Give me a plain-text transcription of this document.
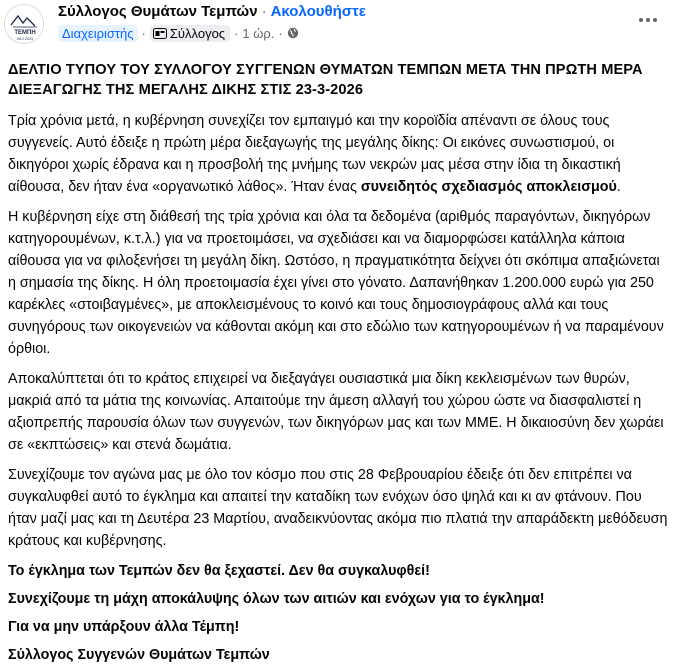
ΤΕΜΠΗ
28.2.2023
Σύλλογος Θυμάτων Τεμπών · Ακολουθήστε
Διαχειριστής · Σύλλογος · 1 ώρ. ·

ΔΕΛΤΙΟ ΤΥΠΟΥ ΤΟΥ ΣΥΛΛΟΓΟΥ ΣΥΓΓΕΝΩΝ ΘΥΜΑΤΩΝ ΤΕΜΠΩΝ ΜΕΤΑ ΤΗΝ ΠΡΩΤΗ ΜΕΡΑ ΔΙΕΞΑΓΩΓΗΣ ΤΗΣ ΜΕΓΑΛΗΣ ΔΙΚΗΣ ΣΤΙΣ 23-3-2026

Τρία χρόνια μετά, η κυβέρνηση συνεχίζει τον εμπαιγμό και την κοροϊδία απέναντι σε όλους τους συγγενείς. Αυτό έδειξε η πρώτη μέρα διεξαγωγής της μεγάλης δίκης: Οι εικόνες συνωστισμού, οι δικηγόροι χωρίς έδρανα και η προσβολή της μνήμης των νεκρών μας μέσα στην ίδια τη δικαστική αίθουσα, δεν ήταν ένα «οργανωτικό λάθος». Ήταν ένας συνειδητός σχεδιασμός αποκλεισμού.

Η κυβέρνηση είχε στη διάθεσή της τρία χρόνια και όλα τα δεδομένα (αριθμός παραγόντων, δικηγόρων κατηγορουμένων, κ.τ.λ.) για να προετοιμάσει, να σχεδιάσει και να διαμορφώσει κατάλληλα κάποια αίθουσα για να φιλοξενήσει τη μεγάλη δίκη. Ωστόσο, η πραγματικότητα δείχνει ότι σκόπιμα απαξιώνεται η σημασία της δίκης. Η όλη προετοιμασία έχει γίνει στο γόνατο. Δαπανήθηκαν 1.200.000 ευρώ για 250 καρέκλες «στοιβαγμένες», με αποκλεισμένους το κοινό και τους δημοσιογράφους αλλά και τους συνηγόρους των οικογενειών να κάθονται ακόμη και στο εδώλιο των κατηγορουμένων ή να παραμένουν όρθιοι.

Αποκαλύπτεται ότι το κράτος επιχειρεί να διεξαγάγει ουσιαστικά μια δίκη κεκλεισμένων των θυρών, μακριά από τα μάτια της κοινωνίας. Απαιτούμε την άμεση αλλαγή του χώρου ώστε να διασφαλιστεί η αξιοπρεπής παρουσία όλων των συγγενών, των δικηγόρων μας και των ΜΜΕ. Η δικαιοσύνη δεν χωράει σε «εκπτώσεις» και στενά δωμάτια.

Συνεχίζουμε τον αγώνα μας με όλο τον κόσμο που στις 28 Φεβρουαρίου έδειξε ότι δεν επιτρέπει να συγκαλυφθεί αυτό το έγκλημα και απαιτεί την καταδίκη των ενόχων όσο ψηλά και κι αν φτάνουν. Που ήταν μαζί μας και τη Δευτέρα 23 Μαρτίου, αναδεικνύοντας ακόμα πιο πλατιά την απαράδεκτη μεθόδευση κράτους και κυβέρνησης.

Το έγκλημα των Τεμπών δεν θα ξεχαστεί. Δεν θα συγκαλυφθεί!

Συνεχίζουμε τη μάχη αποκάλυψης όλων των αιτιών και ενόχων για το έγκλημα!

Για να μην υπάρξουν άλλα Τέμπη!

Σύλλογος Συγγενών Θυμάτων Τεμπών
